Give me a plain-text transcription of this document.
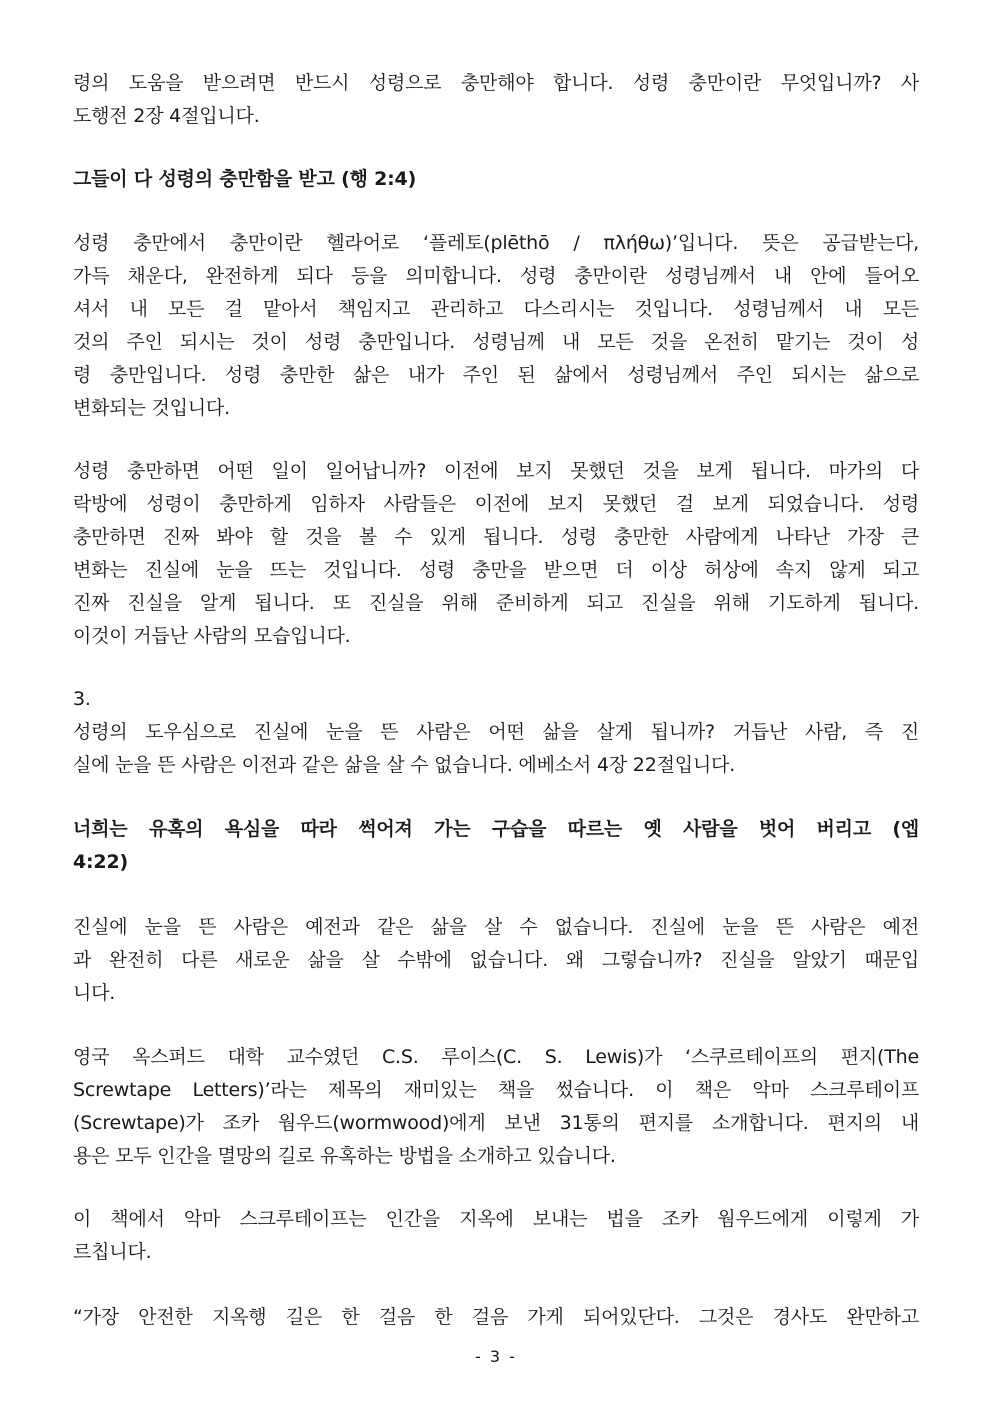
령의 도움을 받으려면 반드시 성령으로 충만해야 합니다. 성령 충만이란 무엇입니까? 사
도행전 2장 4절입니다.
그들이 다 성령의 충만함을 받고 (행 2:4)
성령 충만에서 충만이란 헬라어로 ‘플레토(plēthō / πλήθω)’입니다. 뜻은 공급받는다,
가득 채운다, 완전하게 되다 등을 의미합니다. 성령 충만이란 성령님께서 내 안에 들어오
셔서 내 모든 걸 맡아서 책임지고 관리하고 다스리시는 것입니다. 성령님께서 내 모든
것의 주인 되시는 것이 성령 충만입니다. 성령님께 내 모든 것을 온전히 맡기는 것이 성
령 충만입니다. 성령 충만한 삶은 내가 주인 된 삶에서 성령님께서 주인 되시는 삶으로
변화되는 것입니다.
성령 충만하면 어떤 일이 일어납니까? 이전에 보지 못했던 것을 보게 됩니다. 마가의 다
락방에 성령이 충만하게 임하자 사람들은 이전에 보지 못했던 걸 보게 되었습니다. 성령
충만하면 진짜 봐야 할 것을 볼 수 있게 됩니다. 성령 충만한 사람에게 나타난 가장 큰
변화는 진실에 눈을 뜨는 것입니다. 성령 충만을 받으면 더 이상 허상에 속지 않게 되고
진짜 진실을 알게 됩니다. 또 진실을 위해 준비하게 되고 진실을 위해 기도하게 됩니다.
이것이 거듭난 사람의 모습입니다.
3.
성령의 도우심으로 진실에 눈을 뜬 사람은 어떤 삶을 살게 됩니까? 거듭난 사람, 즉 진
실에 눈을 뜬 사람은 이전과 같은 삶을 살 수 없습니다. 에베소서 4장 22절입니다.
너희는 유혹의 욕심을 따라 썩어져 가는 구습을 따르는 옛 사람을 벗어 버리고 (엡
4:22)
진실에 눈을 뜬 사람은 예전과 같은 삶을 살 수 없습니다. 진실에 눈을 뜬 사람은 예전
과 완전히 다른 새로운 삶을 살 수밖에 없습니다. 왜 그렇습니까? 진실을 알았기 때문입
니다.
영국 옥스퍼드 대학 교수였던 C.S. 루이스(C. S. Lewis)가 ‘스쿠르테이프의 편지(The
Screwtape Letters)’라는 제목의 재미있는 책을 썼습니다. 이 책은 악마 스크루테이프
(Screwtape)가 조카 웜우드(wormwood)에게 보낸 31통의 편지를 소개합니다. 편지의 내
용은 모두 인간을 멸망의 길로 유혹하는 방법을 소개하고 있습니다.
이 책에서 악마 스크루테이프는 인간을 지옥에 보내는 법을 조카 웜우드에게 이렇게 가
르칩니다.
“가장 안전한 지옥행 길은 한 걸음 한 걸음 가게 되어있단다. 그것은 경사도 완만하고
- 3 -
